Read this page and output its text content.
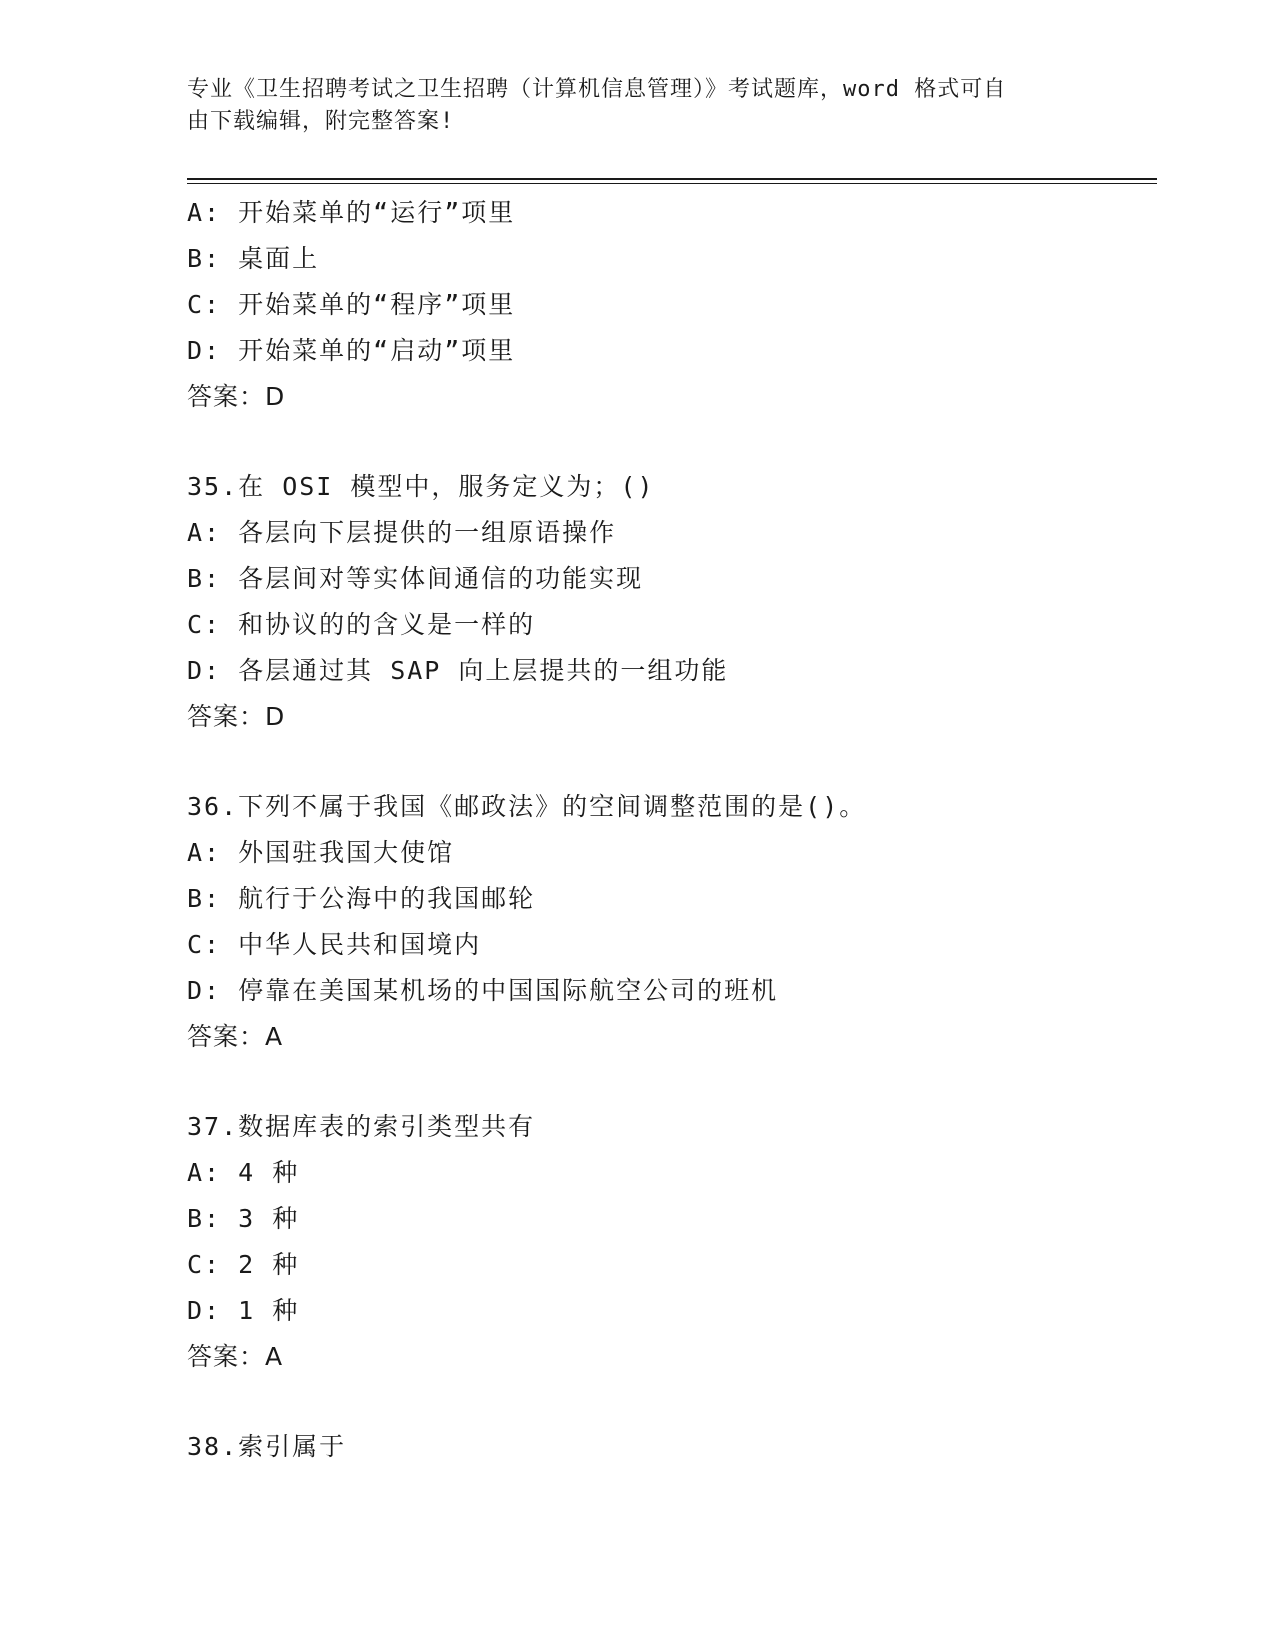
专业《卫生招聘考试之卫生招聘（计算机信息管理）》考试题库，word 格式可自
由下载编辑，附完整答案!
A: 开始菜单的“运行”项里
B: 桌面上
C: 开始菜单的“程序”项里
D: 开始菜单的“启动”项里
答案：D
35.在 OSI 模型中，服务定义为；()
A: 各层向下层提供的一组原语操作
B: 各层间对等实体间通信的功能实现
C: 和协议的的含义是一样的
D: 各层通过其 SAP 向上层提共的一组功能
答案：D
36.下列不属于我国《邮政法》的空间调整范围的是()。
A: 外国驻我国大使馆
B: 航行于公海中的我国邮轮
C: 中华人民共和国境内
D: 停靠在美国某机场的中国国际航空公司的班机
答案：A
37.数据库表的索引类型共有
A: 4 种
B: 3 种
C: 2 种
D: 1 种
答案：A
38.索引属于
